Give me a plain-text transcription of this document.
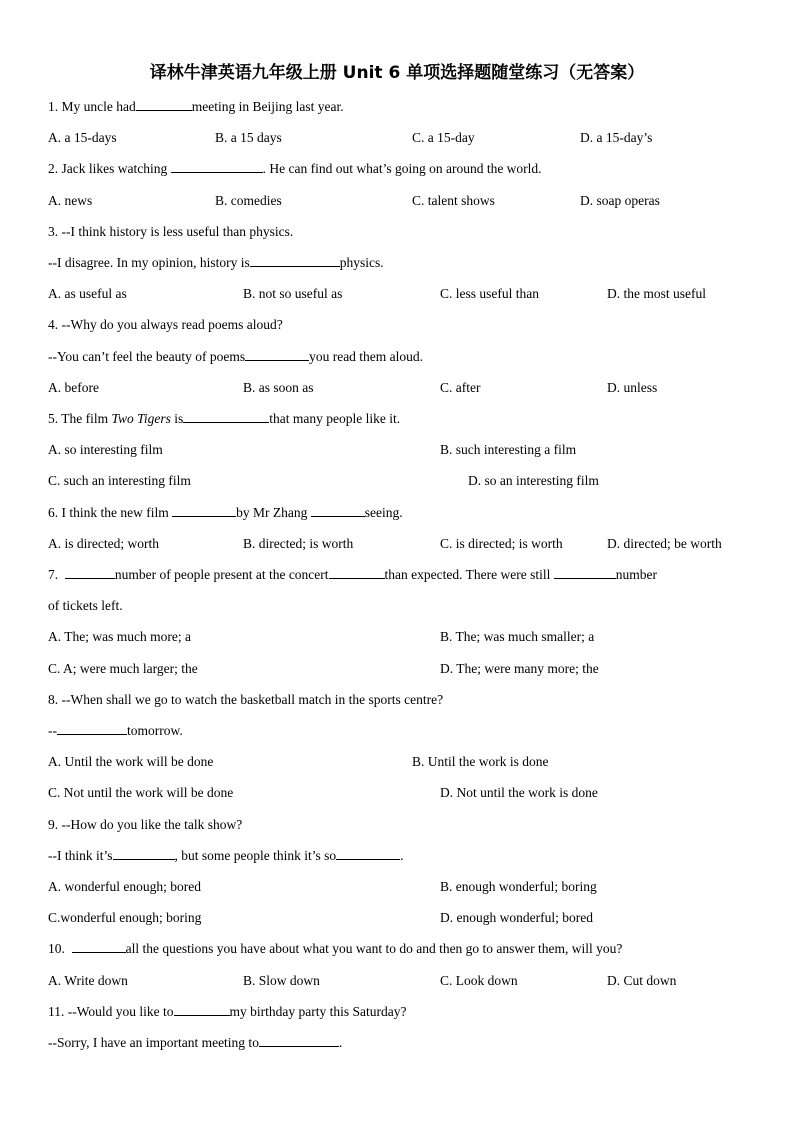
译林牛津英语九年级上册 Unit 6 单项选择题随堂练习（无答案）
1. My uncle had	meeting in Beijing last year.
A. a 15-days	B. a 15 days	C. a 15-day	D. a 15-day’s
2. Jack likes watching	. He can find out what’s going on around the world.
A. news	B. comedies	C. talent shows	D. soap operas
3. --I think history is less useful than physics.
--I disagree. In my opinion, history is	physics.
A. as useful as	B. not so useful as	C. less useful than	D. the most useful
4. --Why do you always read poems aloud?
--You can’t feel the beauty of poems	you read them aloud.
A. before	B. as soon as	C. after	D. unless
5. The film Two Tigers is	that many people like it.
A. so interesting film	B. such interesting a film
C. such an interesting film	D. so an interesting film
6. I think the new film	by Mr Zhang	seeing.
A. is directed; worth	B. directed; is worth	C. is directed; is worth	D. directed; be worth
7.	number of people present at the concert	than expected. There were still	number
of tickets left.
A. The; was much more; a	B. The; was much smaller; a
C. A; were much larger; the	D. The; were many more; the
8. --When shall we go to watch the basketball match in the sports centre?
--	tomorrow.
A. Until the work will be done	B. Until the work is done
C. Not until the work will be done	D. Not until the work is done
9. --How do you like the talk show?
--I think it’s	, but some people think it’s so	.
A. wonderful enough; bored	B. enough wonderful; boring
C.wonderful enough; boring	D. enough wonderful; bored
10.	all the questions you have about what you want to do and then go to answer them, will you?
A. Write down	B. Slow down	C. Look down	D. Cut down
11. --Would you like to	my birthday party this Saturday?
--Sorry, I have an important meeting to	.
